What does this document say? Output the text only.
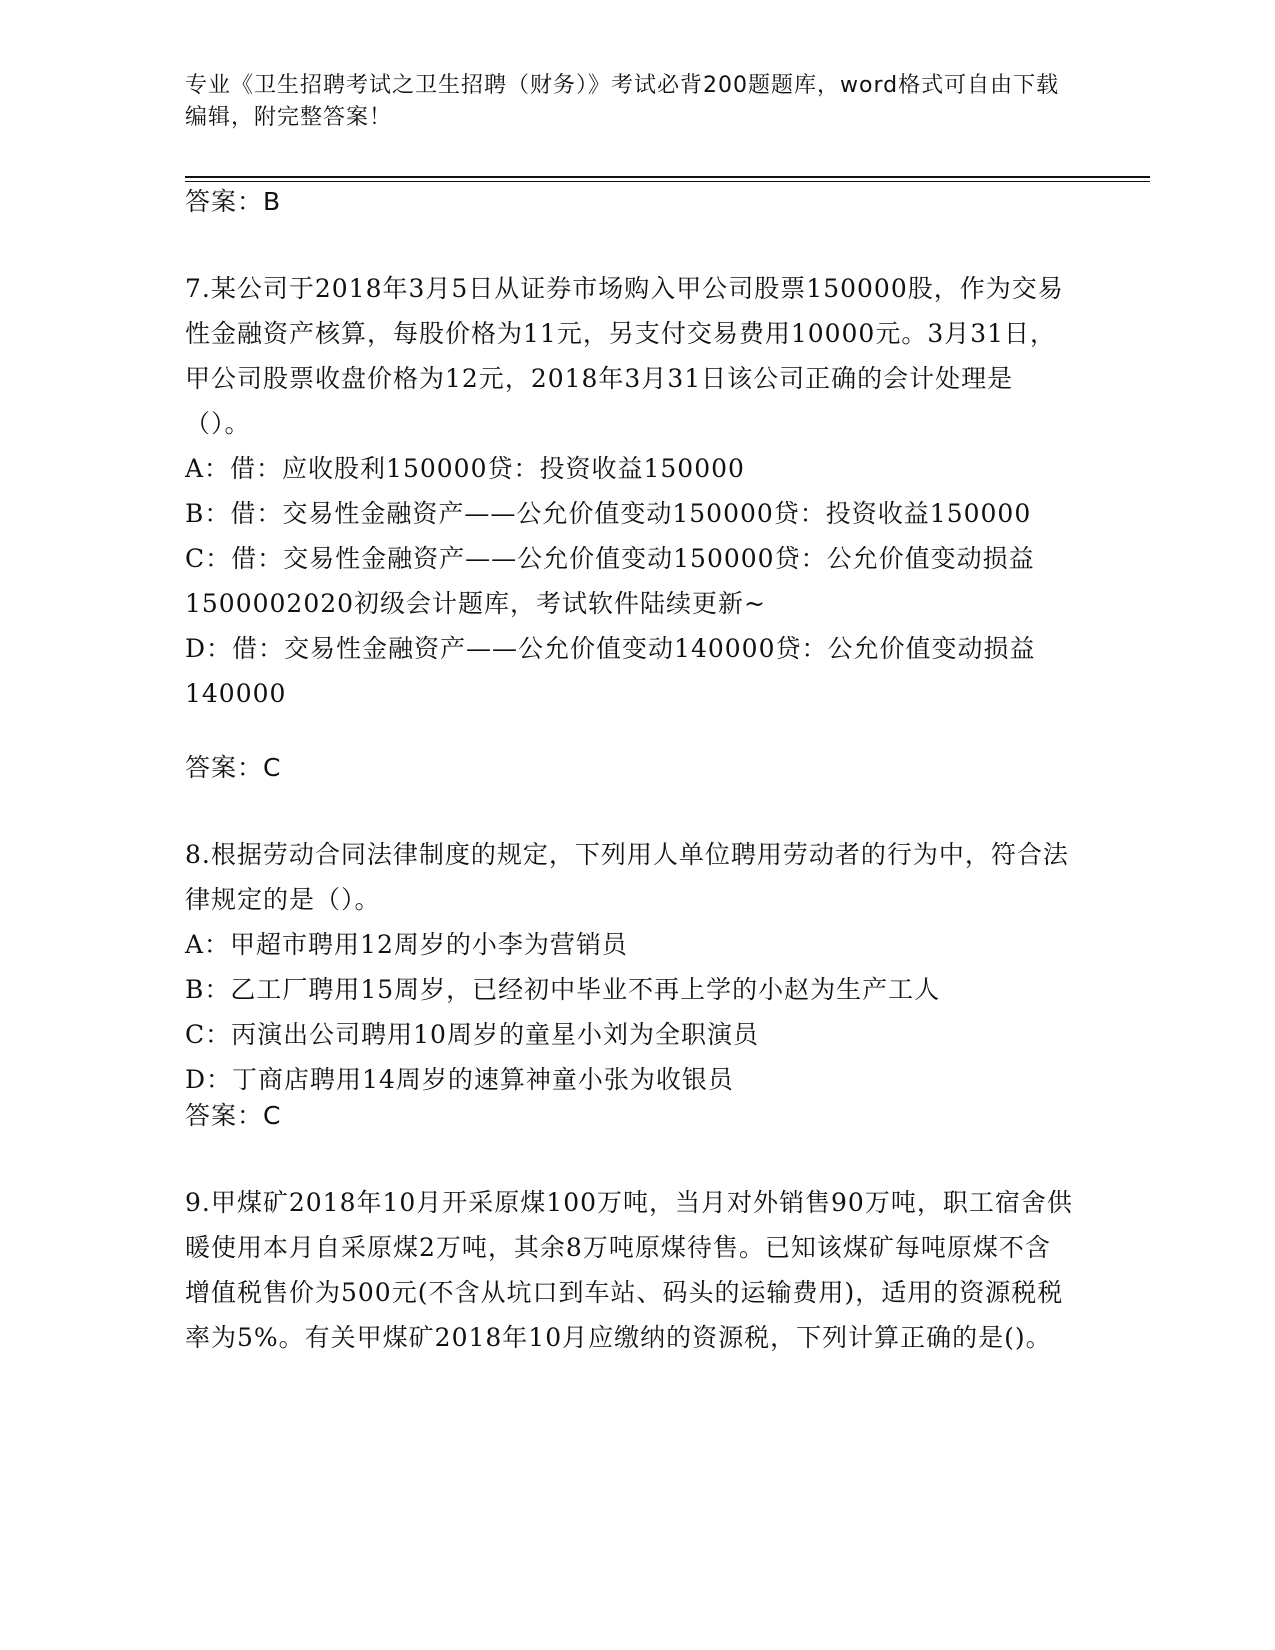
专业《卫生招聘考试之卫生招聘（财务）》考试必背200题题库，word格式可自由下载编辑，附完整答案！
答案：B

7.某公司于2018年3月5日从证券市场购入甲公司股票150000股，作为交易性金融资产核算，每股价格为11元，另支付交易费用10000元。3月31日，甲公司股票收盘价格为12元，2018年3月31日该公司正确的会计处理是（）。

A：借：应收股利150000贷：投资收益150000

B：借：交易性金融资产——公允价值变动150000贷：投资收益150000

C：借：交易性金融资产——公允价值变动150000贷：公允价值变动损益1500002020初级会计题库，考试软件陆续更新~

D：借：交易性金融资产——公允价值变动140000贷：公允价值变动损益140000

答案：C

8.根据劳动合同法律制度的规定，下列用人单位聘用劳动者的行为中，符合法律规定的是（）。

A：甲超市聘用12周岁的小李为营销员

B：乙工厂聘用15周岁，已经初中毕业不再上学的小赵为生产工人

C：丙演出公司聘用10周岁的童星小刘为全职演员

D：丁商店聘用14周岁的速算神童小张为收银员

答案：C

9.甲煤矿2018年10月开采原煤100万吨，当月对外销售90万吨，职工宿舍供暖使用本月自采原煤2万吨，其余8万吨原煤待售。已知该煤矿每吨原煤不含增值税售价为500元(不含从坑口到车站、码头的运输费用)，适用的资源税税率为5%。有关甲煤矿2018年10月应缴纳的资源税，下列计算正确的是()。
